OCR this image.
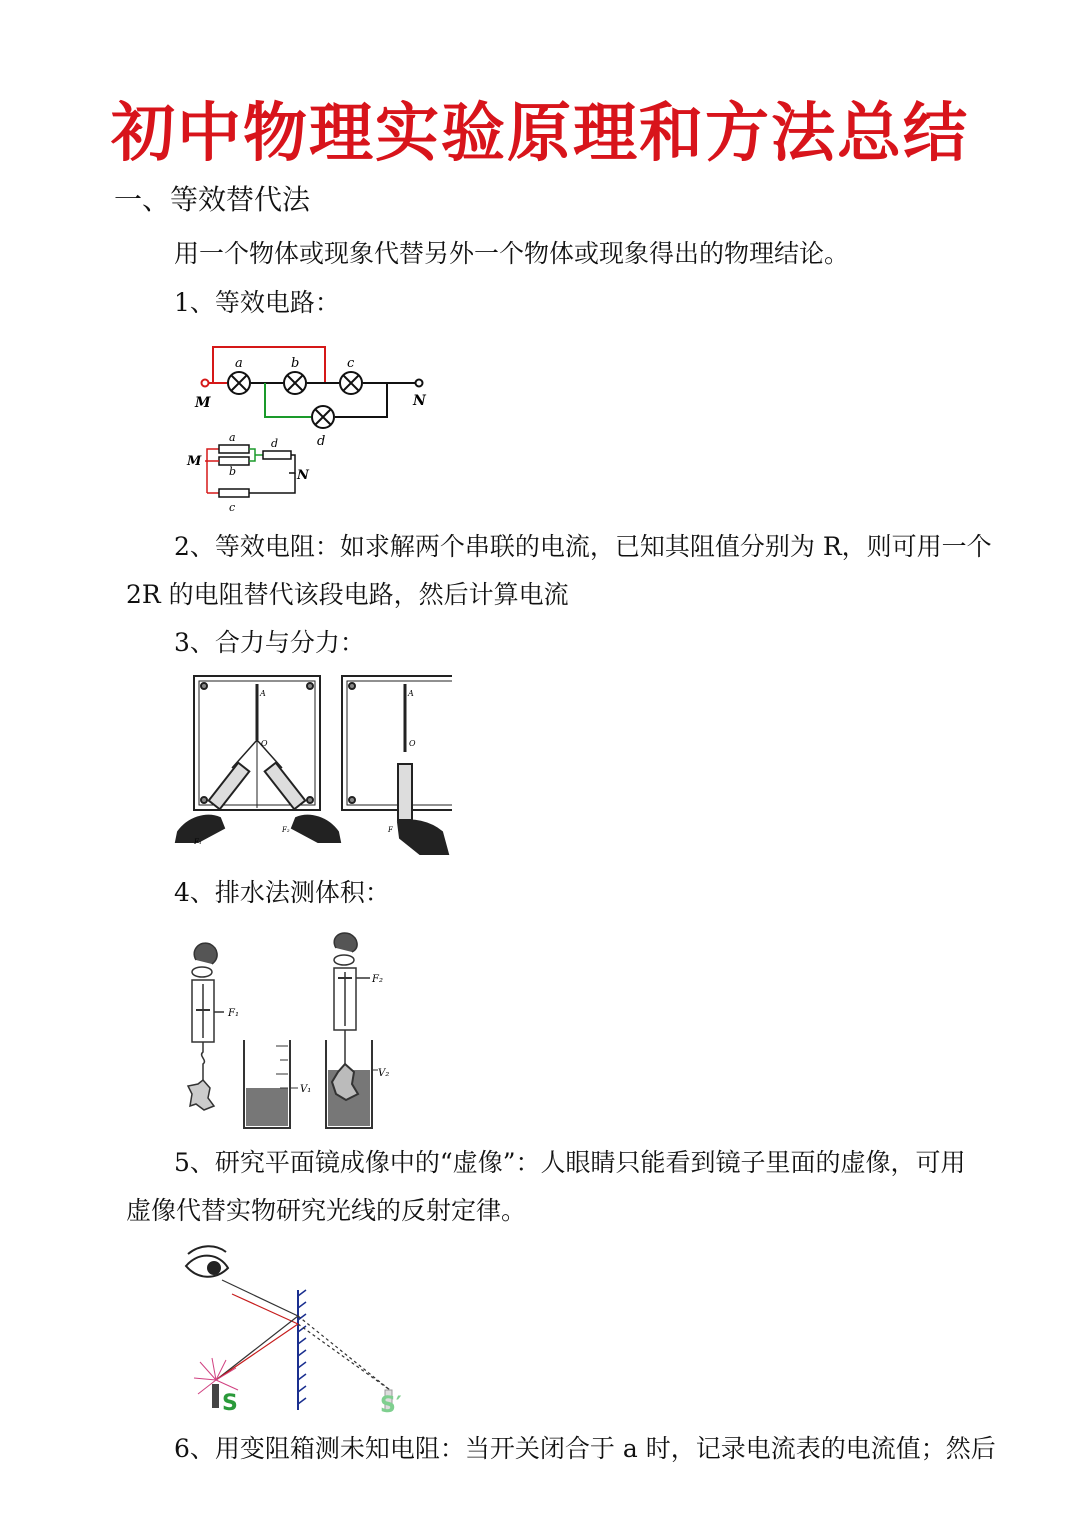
初中物理实验原理和方法总结
一、等效替代法
用一个物体或现象代替另外一个物体或现象得出的物理结论。
1、等效电路：
a	b	c
d
M	N
a
b
c
d
M
N
2、等效电阻：如求解两个串联的电流，已知其阻值分别为 R，则可用一个
2R 的电阻替代该段电路，然后计算电流
3、合力与分力：
A
O
F₁
F₂
A
O
F
4、排水法测体积：
F₁
V₁
F₂
V₂
5、研究平面镜成像中的“虚像”：人眼睛只能看到镜子里面的虚像，可用
虚像代替实物研究光线的反射定律。
S	S′
6、用变阻箱测未知电阻：当开关闭合于 a 时，记录电流表的电流值；然后
